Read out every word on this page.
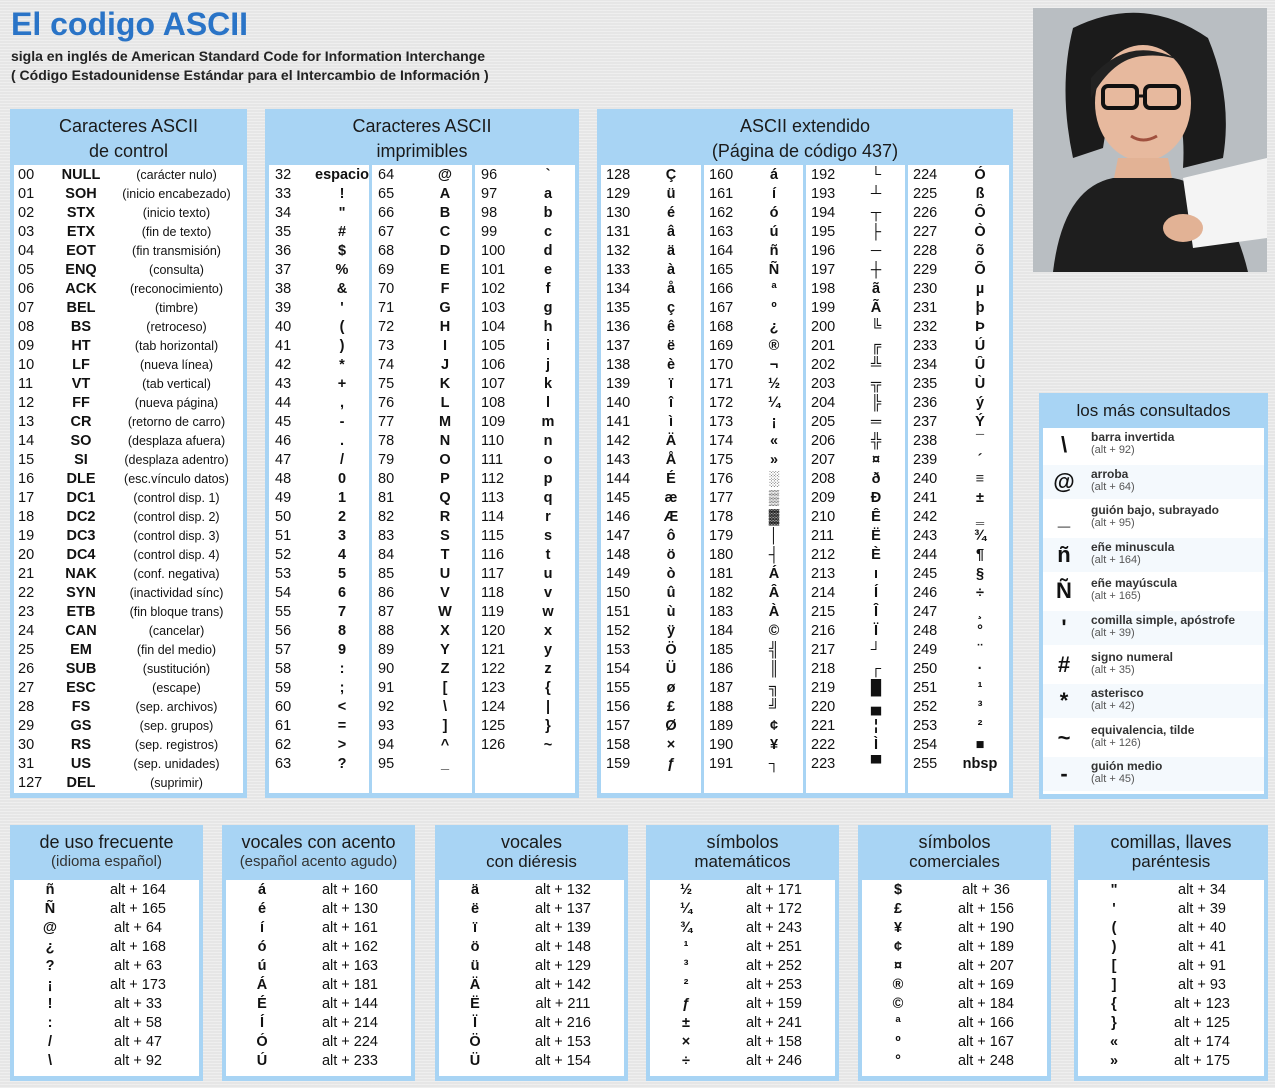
El codigo ASCII
sigla en inglés de American Standard Code for Information Interchange
( Código Estadounidense Estándar para el Intercambio de Información )
Caracteres ASCII
de control
00	NULL	(carácter nulo)
01	SOH	(inicio encabezado)
02	STX	(inicio texto)
03	ETX	(fin de texto)
04	EOT	(fin transmisión)
05	ENQ	(consulta)
06	ACK	(reconocimiento)
07	BEL	(timbre)
08	BS	(retroceso)
09	HT	(tab horizontal)
10	LF	(nueva línea)
11	VT	(tab vertical)
12	FF	(nueva página)
13	CR	(retorno de carro)
14	SO	(desplaza afuera)
15	SI	(desplaza adentro)
16	DLE	(esc.vínculo datos)
17	DC1	(control disp. 1)
18	DC2	(control disp. 2)
19	DC3	(control disp. 3)
20	DC4	(control disp. 4)
21	NAK	(conf. negativa)
22	SYN	(inactividad sínc)
23	ETB	(fin bloque trans)
24	CAN	(cancelar)
25	EM	(fin del medio)
26	SUB	(sustitución)
27	ESC	(escape)
28	FS	(sep. archivos)
29	GS	(sep. grupos)
30	RS	(sep. registros)
31	US	(sep. unidades)
127	DEL	(suprimir)
Caracteres ASCII
imprimibles
32	espacio
33	!
34	"
35	#
36	$
37	%
38	&
39	'
40	(
41	)
42	*
43	+
44	,
45	-
46	.
47	/
48	0
49	1
50	2
51	3
52	4
53	5
54	6
55	7
56	8
57	9
58	:
59	;
60	<
61	=
62	>
63	?
64	@
65	A
66	B
67	C
68	D
69	E
70	F
71	G
72	H
73	I
74	J
75	K
76	L
77	M
78	N
79	O
80	P
81	Q
82	R
83	S
84	T
85	U
86	V
87	W
88	X
89	Y
90	Z
91	[
92	\
93	]
94	^
95	_
96	`
97	a
98	b
99	c
100	d
101	e
102	f
103	g
104	h
105	i
106	j
107	k
108	l
109	m
110	n
111	o
112	p
113	q
114	r
115	s
116	t
117	u
118	v
119	w
120	x
121	y
122	z
123	{
124	|
125	}
126	~
ASCII extendido
(Página de código 437)
128	Ç
129	ü
130	é
131	â
132	ä
133	à
134	å
135	ç
136	ê
137	ë
138	è
139	ï
140	î
141	ì
142	Ä
143	Å
144	É
145	æ
146	Æ
147	ô
148	ö
149	ò
150	û
151	ù
152	ÿ
153	Ö
154	Ü
155	ø
156	£
157	Ø
158	×
159	ƒ
160	á
161	í
162	ó
163	ú
164	ñ
165	Ñ
166	ª
167	º
168	¿
169	®
170	¬
171	½
172	¼
173	¡
174	«
175	»
176	░
177	▒
178	▓
179	│
180	┤
181	Á
182	Â
183	À
184	©
185	╣
186	║
187	╗
188	╝
189	¢
190	¥
191	┐
192	└
193	┴
194	┬
195	├
196	─
197	┼
198	ã
199	Ã
200	╚
201	╔
202	╩
203	╦
204	╠
205	═
206	╬
207	¤
208	ð
209	Ð
210	Ê
211	Ë
212	È
213	ı
214	Í
215	Î
216	Ï
217	┘
218	┌
219	█
220	▄
221	¦
222	Ì
223	▀
224	Ó
225	ß
226	Ô
227	Ò
228	õ
229	Õ
230	µ
231	þ
232	Þ
233	Ú
234	Û
235	Ù
236	ý
237	Ý
238	¯
239	´
240	≡
241	±
242	‗
243	¾
244	¶
245	§
246	÷
247	¸
248	°
249	¨
250	·
251	¹
252	³
253	²
254	■
255	nbsp
los más consultados
\	barra invertida
(alt + 92)
@ arroba
(alt + 64)
_	guión bajo, subrayado
(alt + 95)
ñ	eñe minuscula
(alt + 164)
Ñ	eñe mayúscula
(alt + 165)
'	comilla simple, apóstrofe
(alt + 39)
#	signo numeral
(alt + 35)
*	asterisco
(alt + 42)
~	equivalencia, tilde
(alt + 126)
-	guión medio
(alt + 45)
de uso frecuente
(idioma español)
ñ	alt + 164
Ñ	alt + 165
@	alt + 64
¿	alt + 168
?	alt + 63
¡	alt + 173
!	alt + 33
:	alt + 58
/	alt + 47
\	alt + 92
vocales con acento
(español acento agudo)
á	alt + 160
é	alt + 130
í	alt + 161
ó	alt + 162
ú	alt + 163
Á	alt + 181
É	alt + 144
Í	alt + 214
Ó	alt + 224
Ú	alt + 233
vocales
con diéresis
ä	alt + 132
ë	alt + 137
ï	alt + 139
ö	alt + 148
ü	alt + 129
Ä	alt + 142
Ë	alt + 211
Ï	alt + 216
Ö	alt + 153
Ü	alt + 154
símbolos
matemáticos
½	alt + 171
¼	alt + 172
¾	alt + 243
¹	alt + 251
³	alt + 252
²	alt + 253
ƒ	alt + 159
±	alt + 241
×	alt + 158
÷	alt + 246
símbolos
comerciales
$	alt + 36
£	alt + 156
¥	alt + 190
¢	alt + 189
¤	alt + 207
®	alt + 169
©	alt + 184
ª	alt + 166
º	alt + 167
°	alt + 248
comillas, llaves
paréntesis
"	alt + 34
'	alt + 39
(	alt + 40
)	alt + 41
[	alt + 91
]	alt + 93
{	alt + 123
}	alt + 125
«	alt + 174
»	alt + 175
